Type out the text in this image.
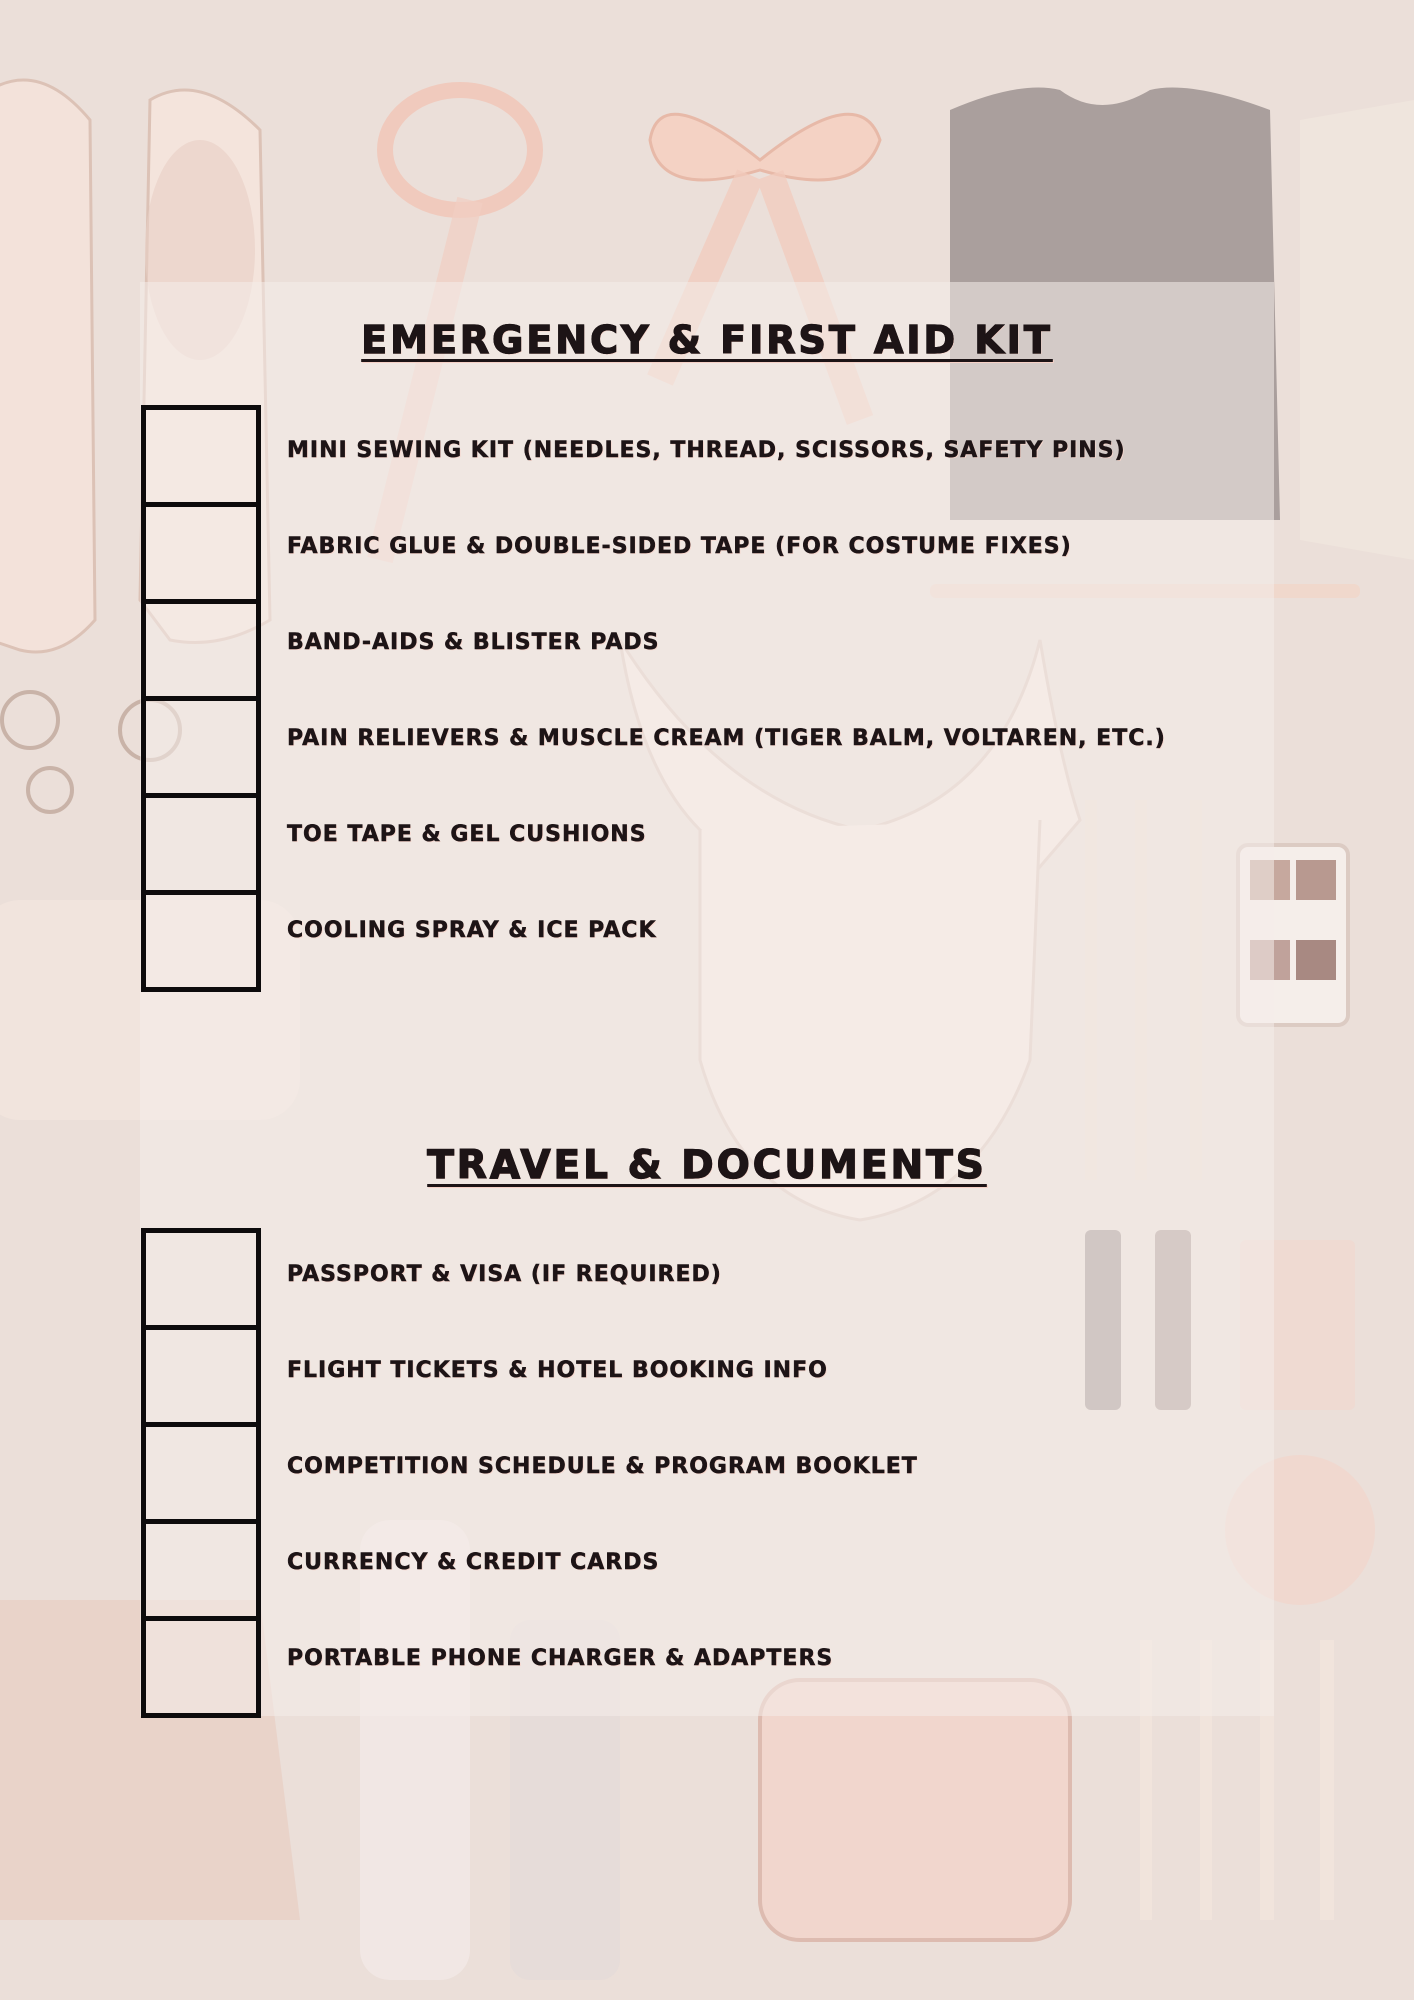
EMERGENCY & FIRST AID KIT
MINI SEWING KIT (NEEDLES, THREAD, SCISSORS, SAFETY PINS)
FABRIC GLUE & DOUBLE-SIDED TAPE (FOR COSTUME FIXES)
BAND-AIDS & BLISTER PADS
PAIN RELIEVERS & MUSCLE CREAM (TIGER BALM, VOLTAREN, ETC.)
TOE TAPE & GEL CUSHIONS
COOLING SPRAY & ICE PACK
TRAVEL & DOCUMENTS
PASSPORT & VISA (IF REQUIRED)
FLIGHT TICKETS & HOTEL BOOKING INFO
COMPETITION SCHEDULE & PROGRAM BOOKLET
CURRENCY & CREDIT CARDS
PORTABLE PHONE CHARGER & ADAPTERS
